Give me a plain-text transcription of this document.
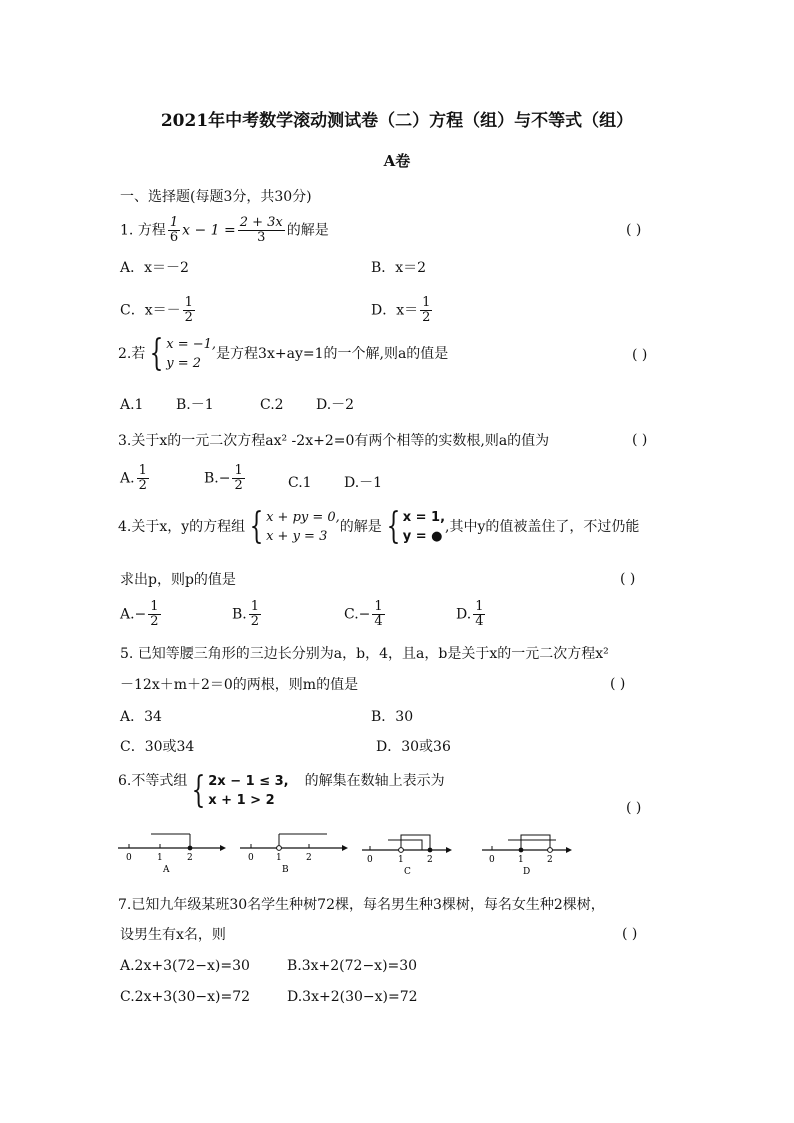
2021年中考数学滚动测试卷（二）方程（组）与不等式（组）
A卷
一、选择题(每题3分，共30分)
1. 方程 $\frac{1}{6}$ $x - 1 = \frac{2 + 3x}{3}$ 的解是	( )
A．x＝－2	B．x＝2
C．$x=- \frac{1}{2}$	D．$x= \frac{1}{2}$
2.若 { x = −1,
y = 2
是方程3x+ay=1的一个解,则a的值是	( )
A.1 B.－1	C.2 D.－2
3.关于x的一元二次方程ax² -2x+2=0有两个相等的实数根,则a的值为	( )
A. $\frac{1}{2}$	$B.- \frac{1}{2}$	C.1 D.－1
4.关于x，y的方程组 { x + py = 0,
x + y = 3
的解是 { x = 1,
y = ●
,其中y的值被盖住了，不过仍能
求出p，则p的值是	( )
$A.- \frac{1}{2}$	B. $\frac{1}{2}$	$C.- \frac{1}{4}$	D. $\frac{1}{4}$
5. 已知等腰三角形的三边长分别为a，b，4，且a，b是关于x的一元二次方程x²
－12x＋m＋2＝0的两根，则m的值是	( )
A．34	B．30
C．30或34	D．30或36
6.不等式组 { 2x − 1 ≤ 3,
x + 1 > 2
的解集在数轴上表示为
( )
0	1	2
A
0 1	2
B
0	1	2
C
0	1	2
D
7.已知九年级某班30名学生种树72棵，每名男生种3棵树，每名女生种2棵树，
设男生有x名，则	( )
A.2x+3(72−x)=30	B.3x+2(72−x)=30
C.2x+3(30−x)=72	D.3x+2(30−x)=72
